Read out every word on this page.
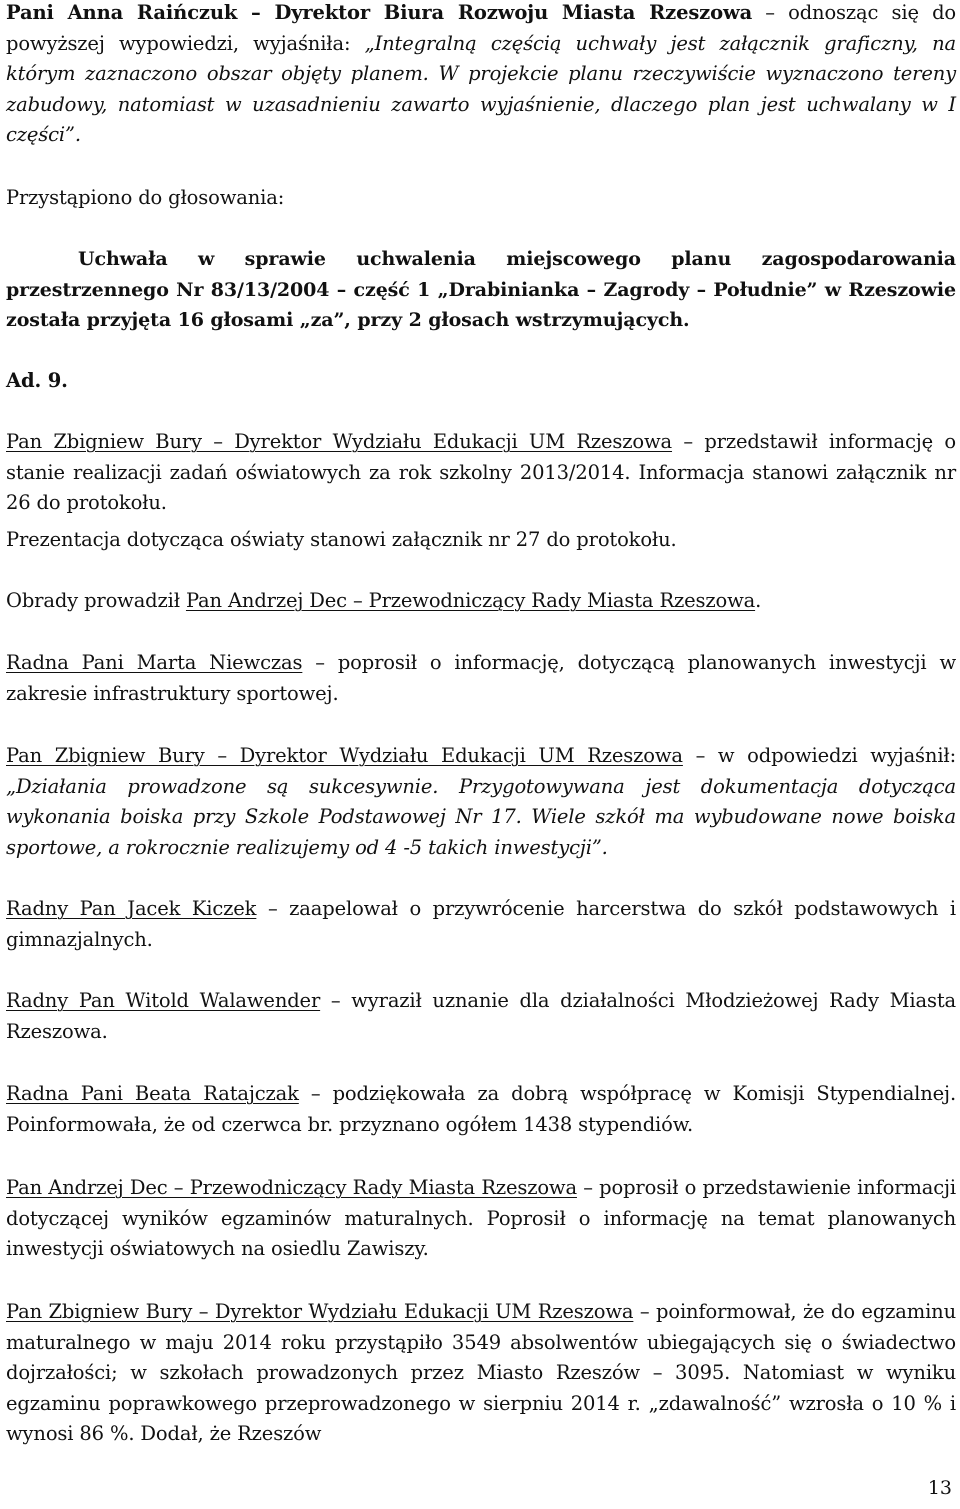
Pani Anna Raińczuk – Dyrektor Biura Rozwoju Miasta Rzeszowa – odnosząc się do powyższej wypowiedzi, wyjaśniła: „Integralną częścią uchwały jest załącznik graficzny, na którym zaznaczono obszar objęty planem. W projekcie planu rzeczywiście wyznaczono tereny zabudowy, natomiast w uzasadnieniu zawarto wyjaśnienie, dlaczego plan jest uchwalany w I części”.

Przystąpiono do głosowania:

Uchwała w sprawie uchwalenia miejscowego planu zagospodarowania przestrzennego Nr 83/13/2004 – część 1 „Drabinianka – Zagrody – Południe” w Rzeszowie została przyjęta 16 głosami „za”, przy 2 głosach wstrzymujących.

Ad. 9.

Pan Zbigniew Bury – Dyrektor Wydziału Edukacji UM Rzeszowa – przedstawił informację o stanie realizacji zadań oświatowych za rok szkolny 2013/2014. Informacja stanowi załącznik nr 26 do protokołu.

Prezentacja dotycząca oświaty stanowi załącznik nr 27 do protokołu.

Obrady prowadził Pan Andrzej Dec – Przewodniczący Rady Miasta Rzeszowa.

Radna Pani Marta Niewczas – poprosił o informację, dotyczącą planowanych inwestycji w zakresie infrastruktury sportowej.

Pan Zbigniew Bury – Dyrektor Wydziału Edukacji UM Rzeszowa – w odpowiedzi wyjaśnił: „Działania prowadzone są sukcesywnie. Przygotowywana jest dokumentacja dotycząca wykonania boiska przy Szkole Podstawowej Nr 17. Wiele szkół ma wybudowane nowe boiska sportowe, a rokrocznie realizujemy od 4 -5 takich inwestycji”.

Radny Pan Jacek Kiczek – zaapelował o przywrócenie harcerstwa do szkół podstawowych i gimnazjalnych.

Radny Pan Witold Walawender – wyraził uznanie dla działalności Młodzieżowej Rady Miasta Rzeszowa.

Radna Pani Beata Ratajczak – podziękowała za dobrą współpracę w Komisji Stypendialnej. Poinformowała, że od czerwca br. przyznano ogółem 1438 stypendiów.

Pan Andrzej Dec – Przewodniczący Rady Miasta Rzeszowa – poprosił o przedstawienie informacji dotyczącej wyników egzaminów maturalnych. Poprosił o informację na temat planowanych inwestycji oświatowych na osiedlu Zawiszy.

Pan Zbigniew Bury – Dyrektor Wydziału Edukacji UM Rzeszowa – poinformował, że do egzaminu maturalnego w maju 2014 roku przystąpiło 3549 absolwentów ubiegających się o świadectwo dojrzałości; w szkołach prowadzonych przez Miasto Rzeszów – 3095. Natomiast w wyniku egzaminu poprawkowego przeprowadzonego w sierpniu 2014 r. „zdawalność” wzrosła o 10 % i wynosi 86 %. Dodał, że Rzeszów

13
